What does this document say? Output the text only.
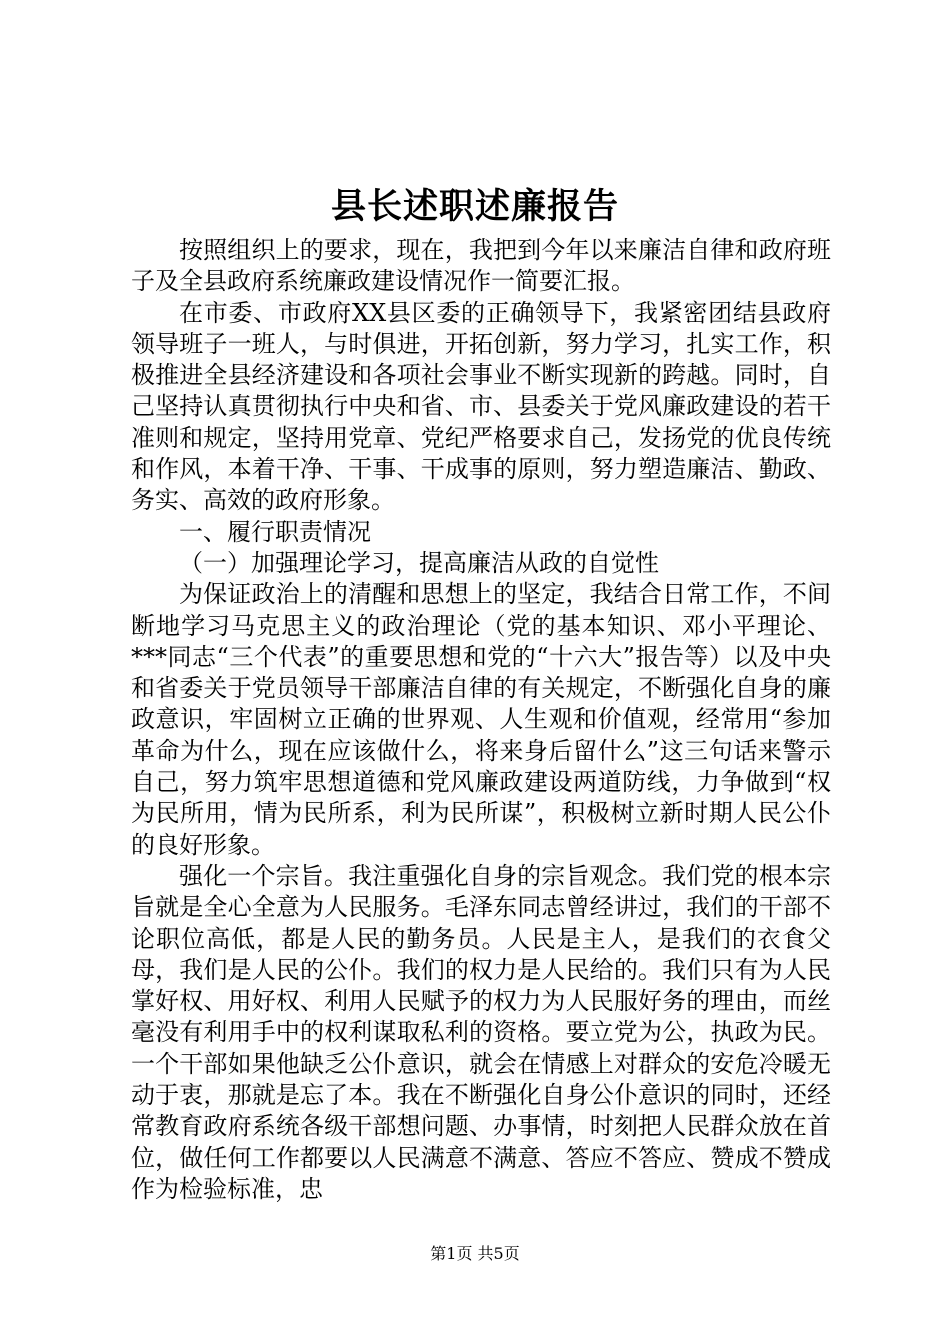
县长述职述廉报告

按照组织上的要求，现在，我把到今年以来廉洁自律和政府班子及全县政府系统廉政建设情况作一简要汇报。

在市委、市政府XX县区委的正确领导下，我紧密团结县政府领导班子一班人，与时俱进，开拓创新，努力学习，扎实工作，积极推进全县经济建设和各项社会事业不断实现新的跨越。同时，自己坚持认真贯彻执行中央和省、市、县委关于党风廉政建设的若干准则和规定，坚持用党章、党纪严格要求自己，发扬党的优良传统和作风，本着干净、干事、干成事的原则，努力塑造廉洁、勤政、务实、高效的政府形象。

一、履行职责情况

（一）加强理论学习，提高廉洁从政的自觉性

为保证政治上的清醒和思想上的坚定，我结合日常工作，不间断地学习马克思主义的政治理论（党的基本知识、邓小平理论、***同志“三个代表”的重要思想和党的“十六大”报告等）以及中央和省委关于党员领导干部廉洁自律的有关规定，不断强化自身的廉政意识，牢固树立正确的世界观、人生观和价值观，经常用“参加革命为什么，现在应该做什么，将来身后留什么”这三句话来警示自己，努力筑牢思想道德和党风廉政建设两道防线，力争做到“权为民所用，情为民所系，利为民所谋”，积极树立新时期人民公仆的良好形象。

强化一个宗旨。我注重强化自身的宗旨观念。我们党的根本宗旨就是全心全意为人民服务。毛泽东同志曾经讲过，我们的干部不论职位高低，都是人民的勤务员。人民是主人，是我们的衣食父母，我们是人民的公仆。我们的权力是人民给的。我们只有为人民掌好权、用好权、利用人民赋予的权力为人民服好务的理由，而丝毫没有利用手中的权利谋取私利的资格。要立党为公，执政为民。一个干部如果他缺乏公仆意识，就会在情感上对群众的安危冷暖无动于衷，那就是忘了本。我在不断强化自身公仆意识的同时，还经常教育政府系统各级干部想问题、办事情，时刻把人民群众放在首位，做任何工作都要以人民满意不满意、答应不答应、赞成不赞成作为检验标准，忠

第1页 共5页
